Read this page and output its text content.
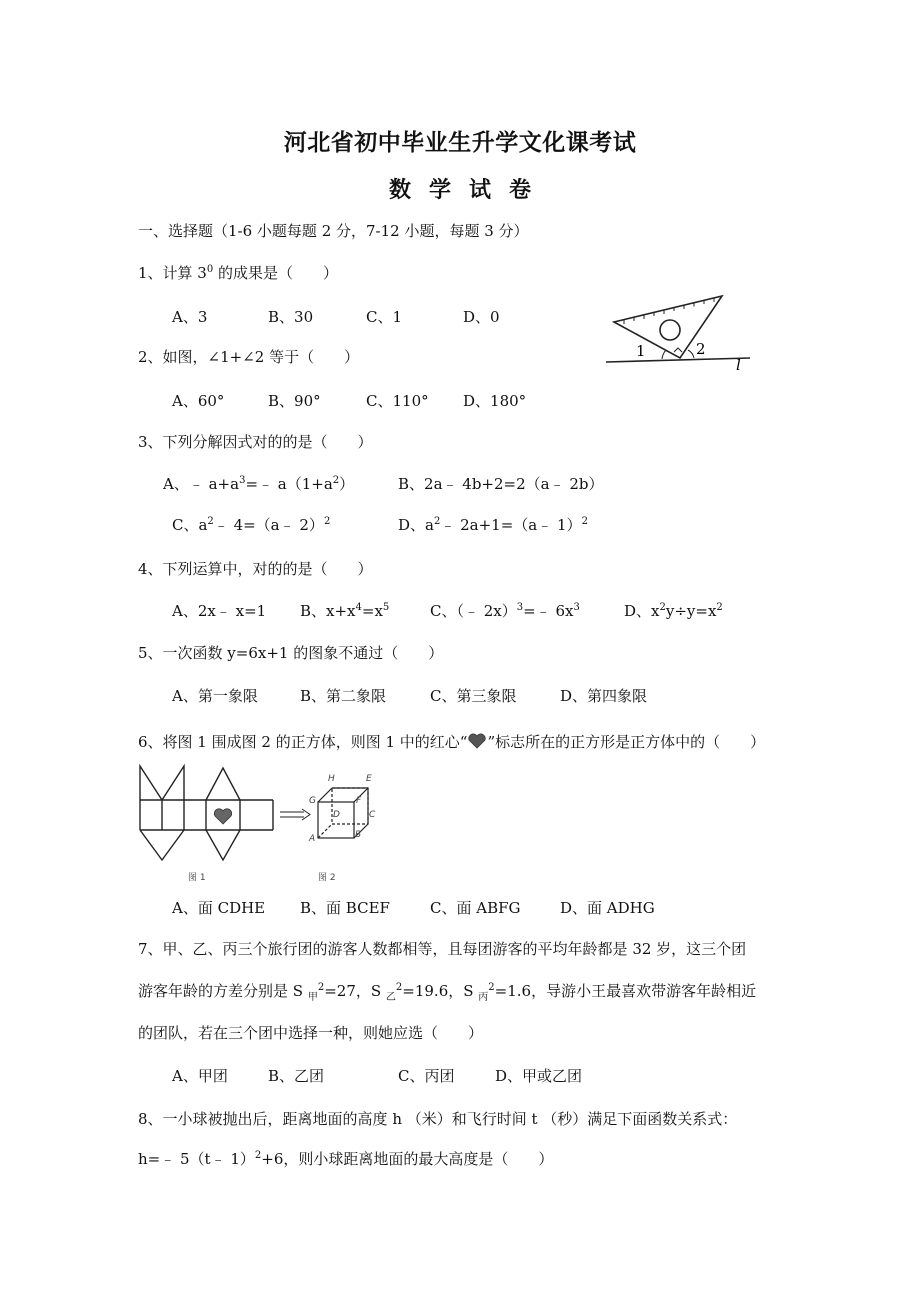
河北省初中毕业生升学文化课考试
数学试卷
一、选择题（1-6 小题每题 2 分，7-12 小题，每题 3 分）
1、计算 $3^0$ 的成果是（　　）
A、3	B、30	C、1	D、0
1	2
l
2、如图，∠1+∠2 等于（　　）
A、60°	B、90°	C、110° D、180°
3、下列分解因式对的的是（　　）
A、﹣ $a+a^3=﹣$ $a(1+a^2)$	B、2a﹣ 4b+2=2（a﹣ 2b）
C、$a^2﹣$ 4=（a﹣ 2）$^2$	D、$a^2﹣$ 2a+1=（a﹣ 1）$^2$
4、下列运算中，对的的是（　　）
A、2x﹣ x=1 B、$x+x^4=x^5$	C、（﹣ 2x）$^3$=﹣ $6x^3$	D、$x^2y\div y=x^2$
5、一次函数 y=6x+1 的图象不通过（　　）
A、第一象限	B、第二象限	C、第三象限	D、第四象限
6、将图 1 围成图 2 的正方体，则图 1 中的红心“ ”标志所在的正方形是正方体中的（　　）
H	E
G	F
D	C
A	B
图 1	图 2
A、面 CDHE B、面 BCEF	C、面 ABFG	D、面 ADHG
7、甲、乙、丙三个旅行团的游客人数都相等，且每团游客的平均年龄都是 32 岁，这三个团
游客年龄的方差分别是 S $_甲^2$=27，S $_乙^2$=19.6，S $_丙^2$=1.6，导游小王最喜欢带游客年龄相近
的团队，若在三个团中选择一种，则她应选（　　）
A、甲团	B、乙团	C、丙团	D、甲或乙团
8、一小球被抛出后，距离地面的高度 h （米）和飞行时间 t （秒）满足下面函数关系式：
h=﹣ 5（t﹣ 1）$^2$+6，则小球距离地面的最大高度是（　　）
